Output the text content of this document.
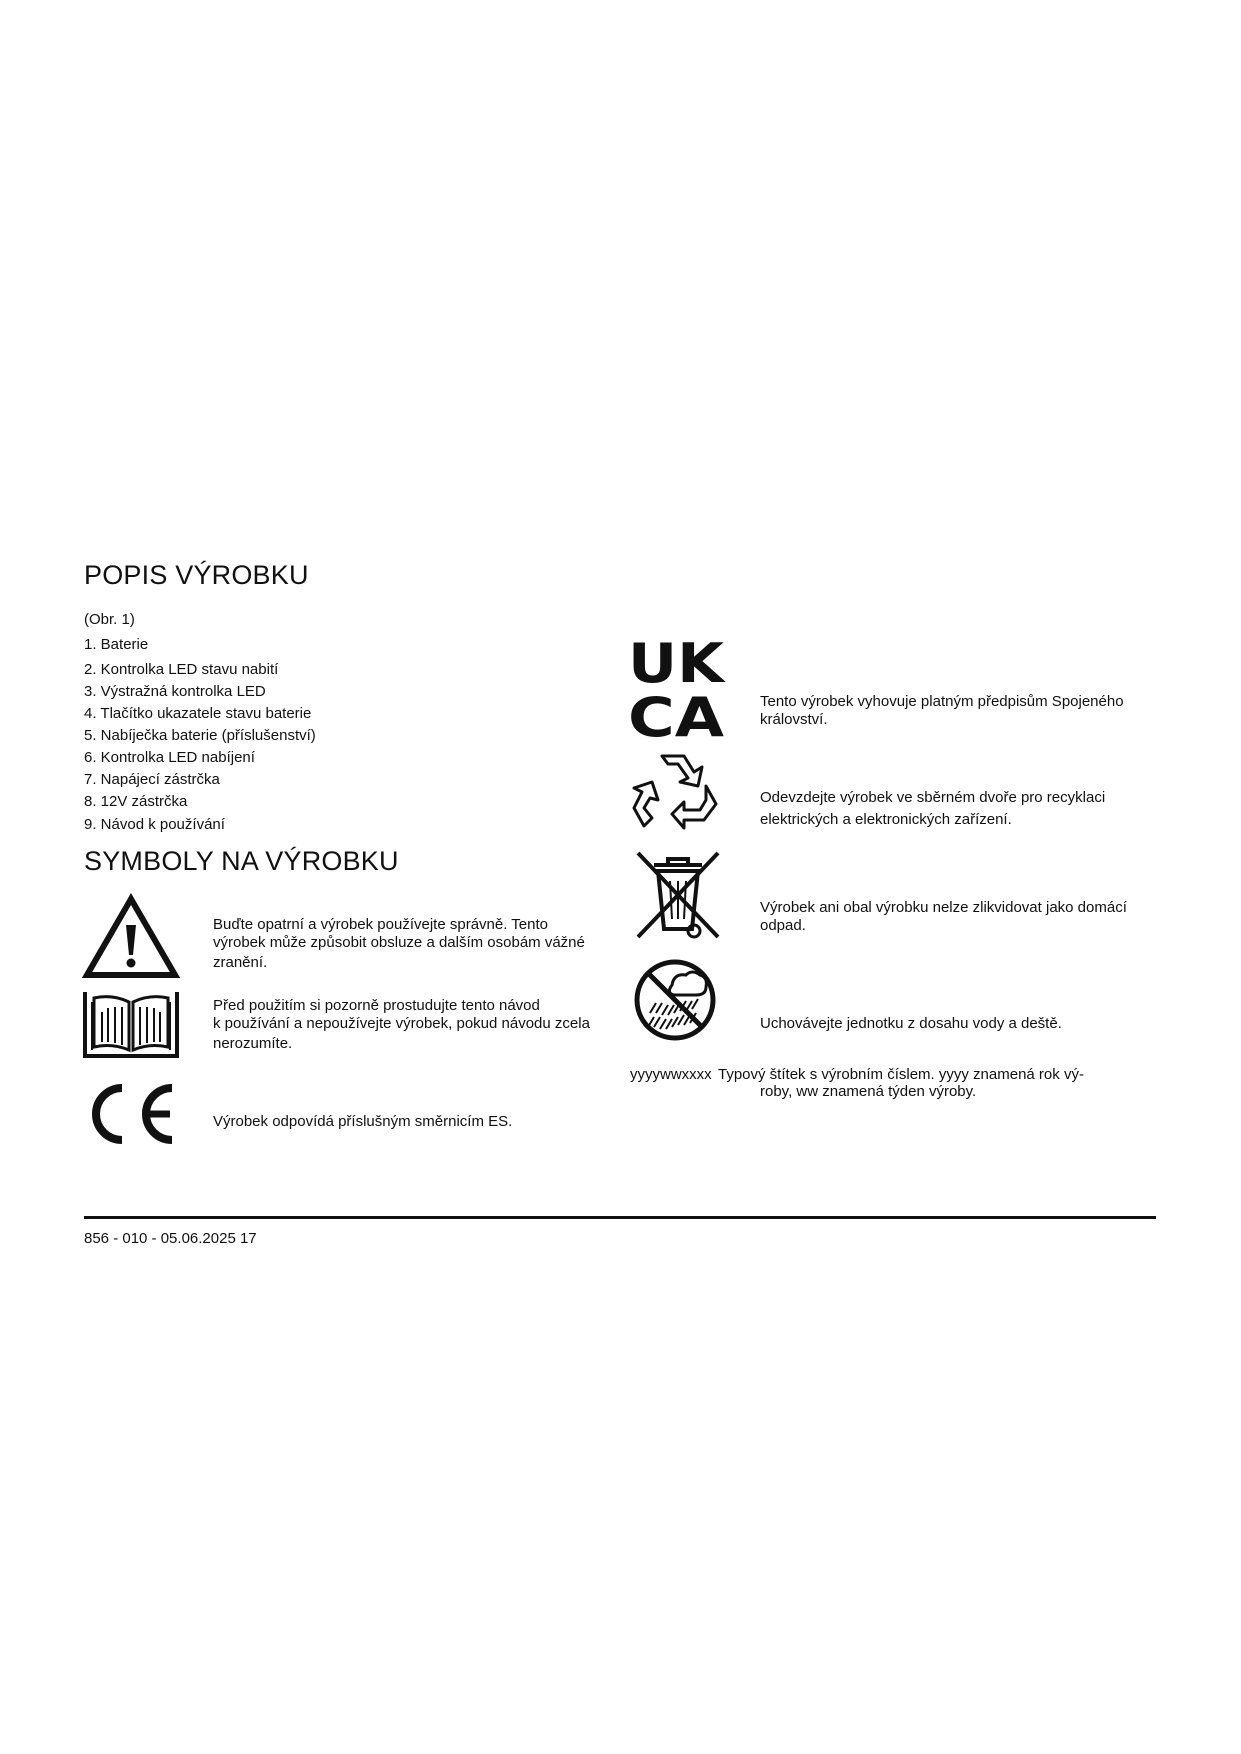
POPIS VÝROBKU
(Obr. 1)
1. Baterie
2. Kontrolka LED stavu nabití
3. Výstražná kontrolka LED
4. Tlačítko ukazatele stavu baterie
5. Nabíječka baterie (příslušenství)
6. Kontrolka LED nabíjení
7. Napájecí zástrčka
8. 12V zástrčka
9. Návod k používání
SYMBOLY NA VÝROBKU
Buďte opatrní a výrobek používejte správně. Tento
výrobek může způsobit obsluze a dalším osobám vážné
zranění.
Před použitím si pozorně prostudujte tento návod
k používání a nepoužívejte výrobek, pokud návodu zcela
nerozumíte.
Výrobek odpovídá příslušným směrnicím ES.
UK
CA Tento výrobek vyhovuje platným předpisům Spojeného
království.
Odevzdejte výrobek ve sběrném dvoře pro recyklaci
elektrických a elektronických zařízení.
Výrobek ani obal výrobku nelze zlikvidovat jako domácí
odpad.
Uchovávejte jednotku z dosahu vody a deště.
yyyywwxxxx Typový štítek s výrobním číslem. yyyy znamená rok vý-
roby, ww znamená týden výroby.
856 - 010 - 05.06.2025 17
